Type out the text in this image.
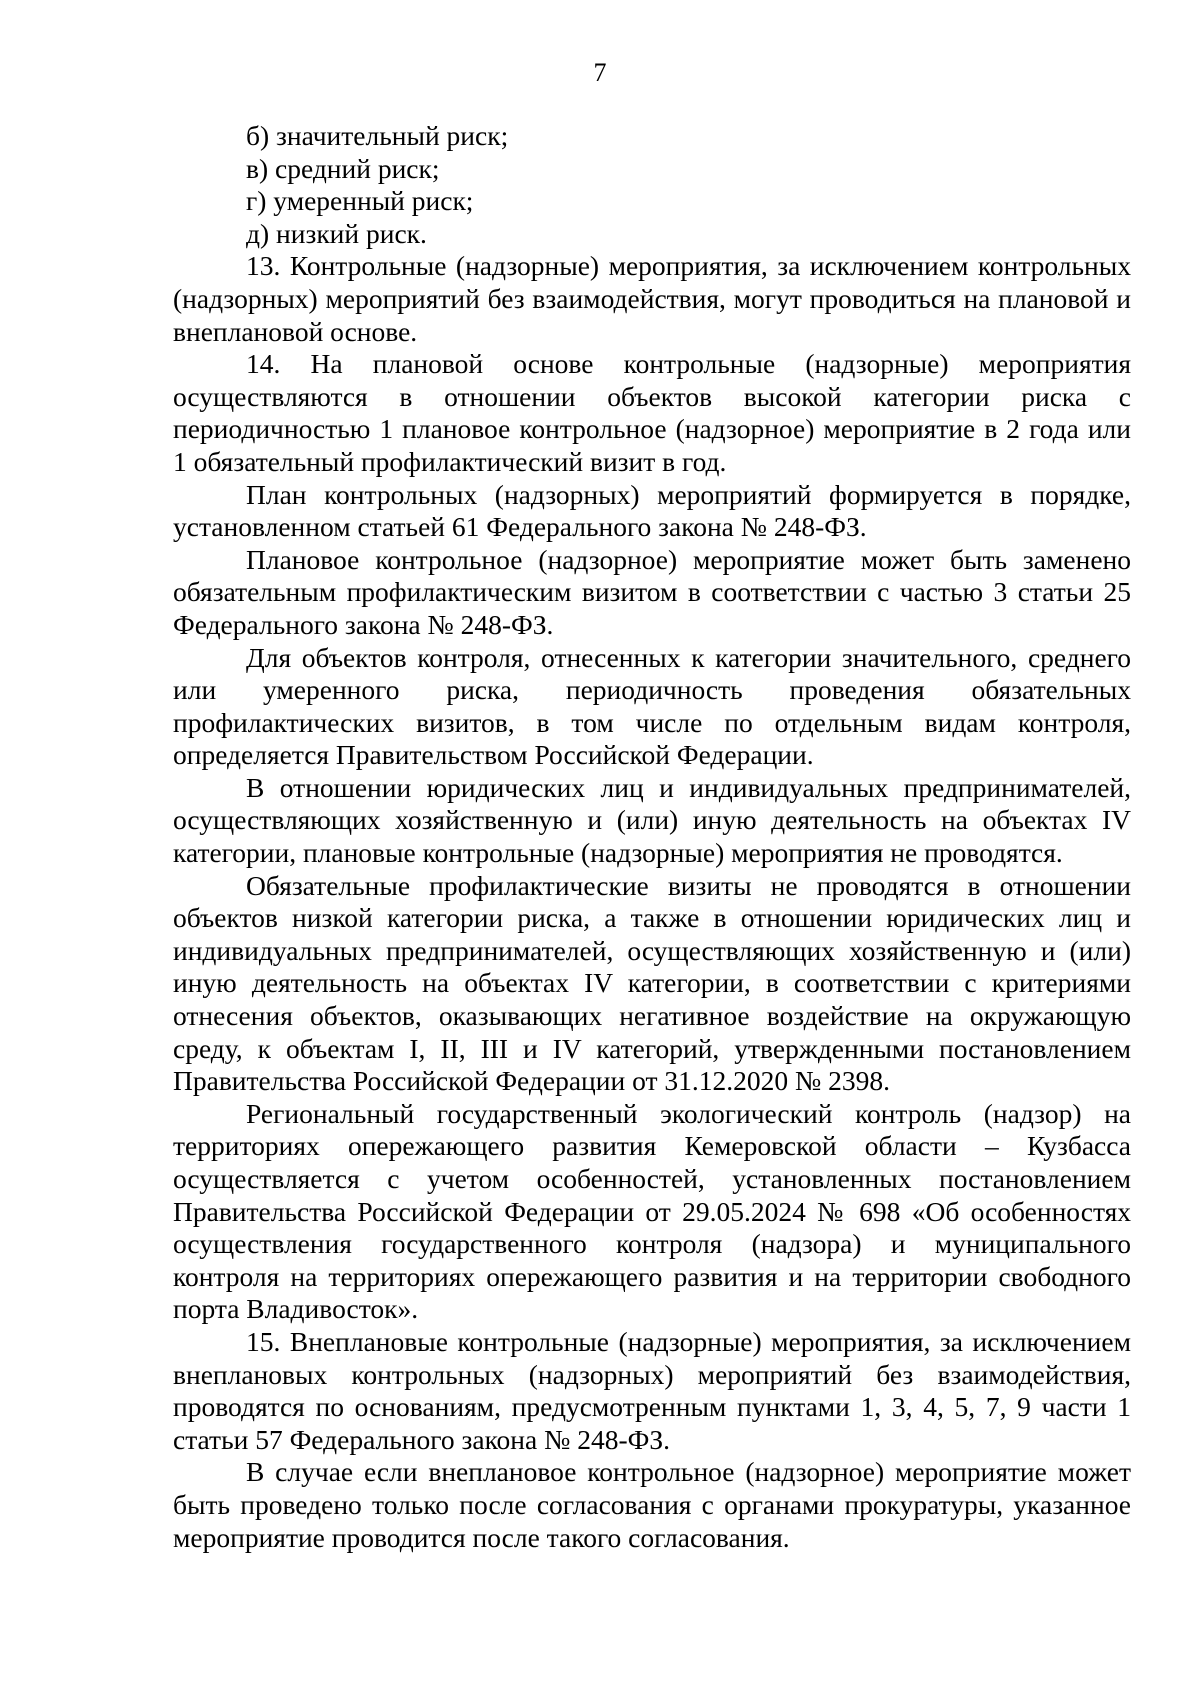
7

б) значительный риск;

в) средний риск;

г) умеренный риск;

д) низкий риск.

13. Контрольные (надзорные) мероприятия, за исключением контрольных (надзорных) мероприятий без взаимодействия, могут проводиться на плановой и внеплановой основе.

14. На плановой основе контрольные (надзорные) мероприятия осуществляются в отношении объектов высокой категории риска с периодичностью 1 плановое контрольное (надзорное) мероприятие в 2 года или 1 обязательный профилактический визит в год.

План контрольных (надзорных) мероприятий формируется в порядке, установленном статьей 61 Федерального закона № 248-ФЗ.

Плановое контрольное (надзорное) мероприятие может быть заменено обязательным профилактическим визитом в соответствии с частью 3 статьи 25 Федерального закона № 248-ФЗ.

Для объектов контроля, отнесенных к категории значительного, среднего или умеренного риска, периодичность проведения обязательных профилактических визитов, в том числе по отдельным видам контроля, определяется Правительством Российской Федерации.

В отношении юридических лиц и индивидуальных предпринимателей, осуществляющих хозяйственную и (или) иную деятельность на объектах IV категории, плановые контрольные (надзорные) мероприятия не проводятся.

Обязательные профилактические визиты не проводятся в отношении объектов низкой категории риска, а также в отношении юридических лиц и индивидуальных предпринимателей, осуществляющих хозяйственную и (или) иную деятельность на объектах IV категории, в соответствии с критериями отнесения объектов, оказывающих негативное воздействие на окружающую среду, к объектам I, II, III и IV категорий, утвержденными постановлением Правительства Российской Федерации от 31.12.2020 № 2398.

Региональный государственный экологический контроль (надзор) на территориях опережающего развития Кемеровской области – Кузбасса осуществляется с учетом особенностей, установленных постановлением Правительства Российской Федерации от 29.05.2024 № 698 «Об особенностях осуществления государственного контроля (надзора) и муниципального контроля на территориях опережающего развития и на территории свободного порта Владивосток».

15. Внеплановые контрольные (надзорные) мероприятия, за исключением внеплановых контрольных (надзорных) мероприятий без взаимодействия, проводятся по основаниям, предусмотренным пунктами 1, 3, 4, 5, 7, 9 части 1 статьи 57 Федерального закона № 248-ФЗ.

В случае если внеплановое контрольное (надзорное) мероприятие может быть проведено только после согласования с органами прокуратуры, указанное мероприятие проводится после такого согласования.
